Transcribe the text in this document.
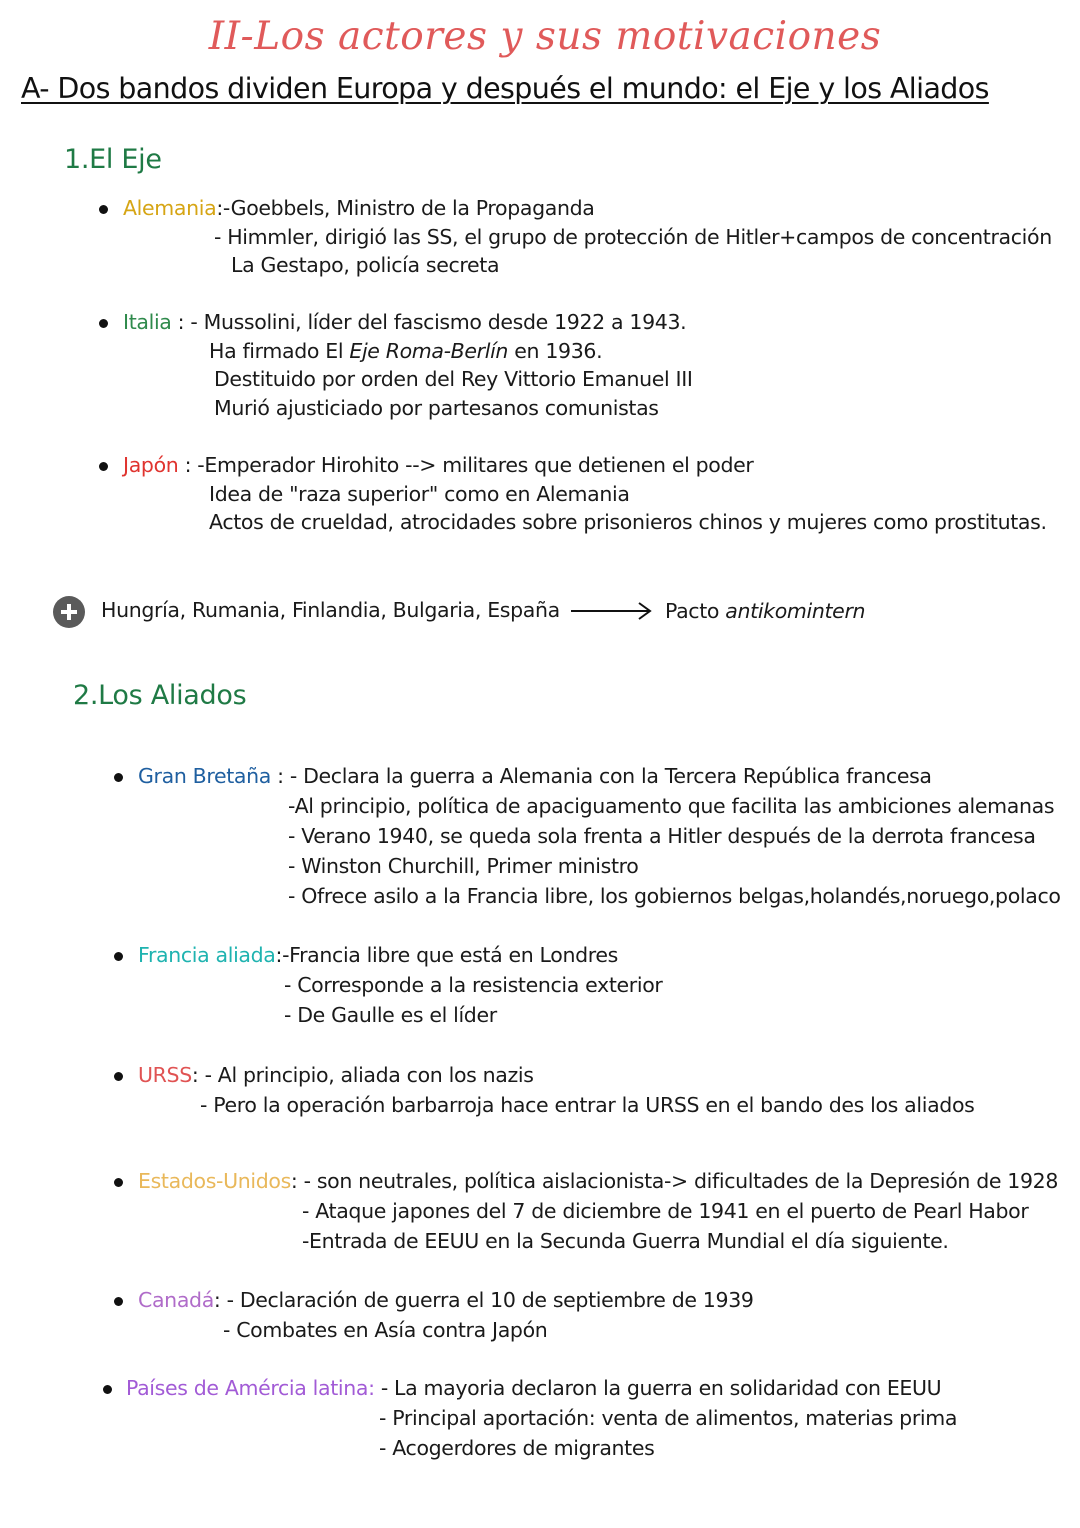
II-Los actores y sus motivaciones
A- Dos bandos dividen Europa y después el mundo: el Eje y los Aliados
1.El Eje
Alemania:-Goebbels, Ministro de la Propaganda
- Himmler, dirigió las SS, el grupo de protección de Hitler+campos de concentración
La Gestapo, policía secreta
Italia : - Mussolini, líder del fascismo desde 1922 a 1943.
Ha firmado El Eje Roma-Berlín en 1936.
Destituido por orden del Rey Vittorio Emanuel III
Murió ajusticiado por partesanos comunistas
Japón : -Emperador Hirohito --> militares que detienen el poder
Idea de "raza superior" como en Alemania
Actos de crueldad, atrocidades sobre prisonieros chinos y mujeres como prostitutas.
Hungría, Rumania, Finlandia, Bulgaria, España	Pacto antikomintern
2.Los Aliados
Gran Bretaña : - Declara la guerra a Alemania con la Tercera República francesa
-Al principio, política de apaciguamento que facilita las ambiciones alemanas
- Verano 1940, se queda sola frenta a Hitler después de la derrota francesa
- Winston Churchill, Primer ministro
- Ofrece asilo a la Francia libre, los gobiernos belgas,holandés,noruego,polaco
Francia aliada:-Francia libre que está en Londres
- Corresponde a la resistencia exterior
- De Gaulle es el líder
URSS: - Al principio, aliada con los nazis
- Pero la operación barbarroja hace entrar la URSS en el bando des los aliados
Estados-Unidos: - son neutrales, política aislacionista-> dificultades de la Depresión de 1928
- Ataque japones del 7 de diciembre de 1941 en el puerto de Pearl Habor
-Entrada de EEUU en la Secunda Guerra Mundial el día siguiente.
Canadá: - Declaración de guerra el 10 de septiembre de 1939
- Combates en Asía contra Japón
Países de Amércia latina: - La mayoria declaron la guerra en solidaridad con EEUU
- Principal aportación: venta de alimentos, materias prima
- Acogerdores de migrantes
